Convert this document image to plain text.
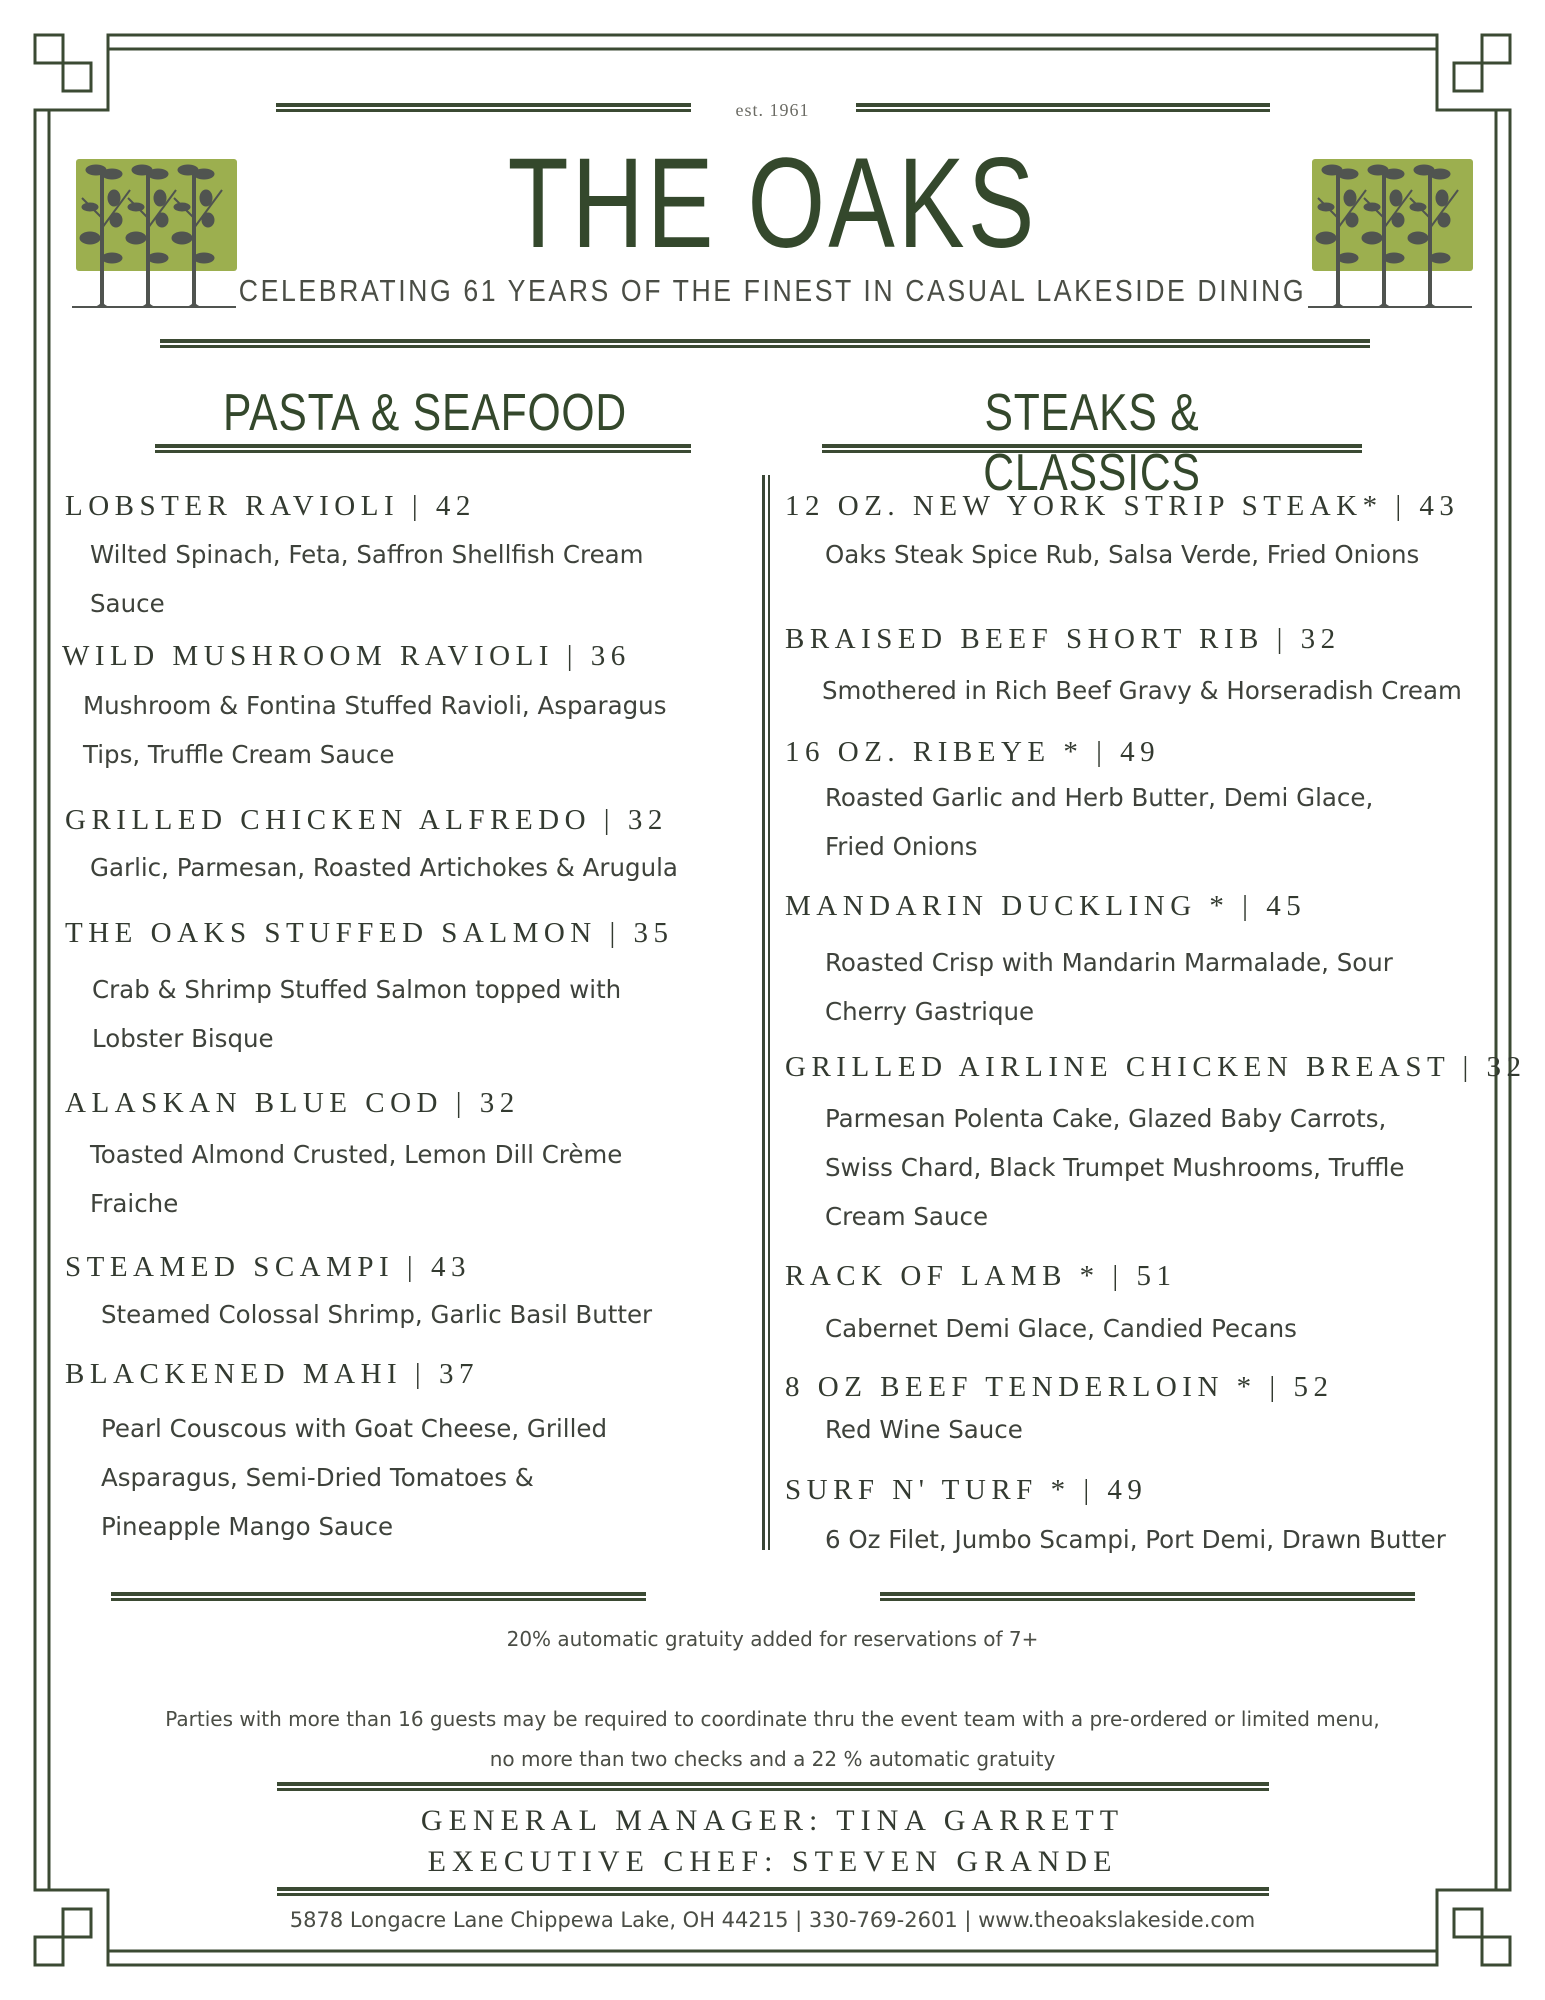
est. 1961
THE OAKS
CELEBRATING 61 YEARS OF THE FINEST IN CASUAL LAKESIDE DINING
PASTA & SEAFOOD	STEAKS & CLASSICS
LOBSTER RAVIOLI | 42
Wilted Spinach, Feta, Saffron Shellfish Cream
Sauce
WILD MUSHROOM RAVIOLI | 36
Mushroom & Fontina Stuffed Ravioli, Asparagus
Tips, Truffle Cream Sauce
GRILLED CHICKEN ALFREDO | 32
Garlic, Parmesan, Roasted Artichokes & Arugula
THE OAKS STUFFED SALMON | 35
Crab & Shrimp Stuffed Salmon topped with
Lobster Bisque
ALASKAN BLUE COD | 32
Toasted Almond Crusted, Lemon Dill Crème
Fraiche
STEAMED SCAMPI | 43
Steamed Colossal Shrimp, Garlic Basil Butter
BLACKENED MAHI | 37
Pearl Couscous with Goat Cheese, Grilled
Asparagus, Semi-Dried Tomatoes &
Pineapple Mango Sauce
12 OZ. NEW YORK STRIP STEAK* | 43
Oaks Steak Spice Rub, Salsa Verde, Fried Onions
BRAISED BEEF SHORT RIB | 32
Smothered in Rich Beef Gravy & Horseradish Cream
16 OZ. RIBEYE * | 49
Roasted Garlic and Herb Butter, Demi Glace,
Fried Onions
MANDARIN DUCKLING * | 45
Roasted Crisp with Mandarin Marmalade, Sour
Cherry Gastrique
GRILLED AIRLINE CHICKEN BREAST | 32
Parmesan Polenta Cake, Glazed Baby Carrots,
Swiss Chard, Black Trumpet Mushrooms, Truffle
Cream Sauce
RACK OF LAMB * | 51
Cabernet Demi Glace, Candied Pecans
8 OZ BEEF TENDERLOIN * | 52
Red Wine Sauce
SURF N' TURF * | 49
6 Oz Filet, Jumbo Scampi, Port Demi, Drawn Butter
20% automatic gratuity added for reservations of 7+
Parties with more than 16 guests may be required to coordinate thru the event team with a pre-ordered or limited menu,
no more than two checks and a 22 % automatic gratuity
GENERAL MANAGER: TINA GARRETT
EXECUTIVE CHEF: STEVEN GRANDE
5878 Longacre Lane Chippewa Lake, OH 44215 | 330-769-2601 | www.theoakslakeside.com
